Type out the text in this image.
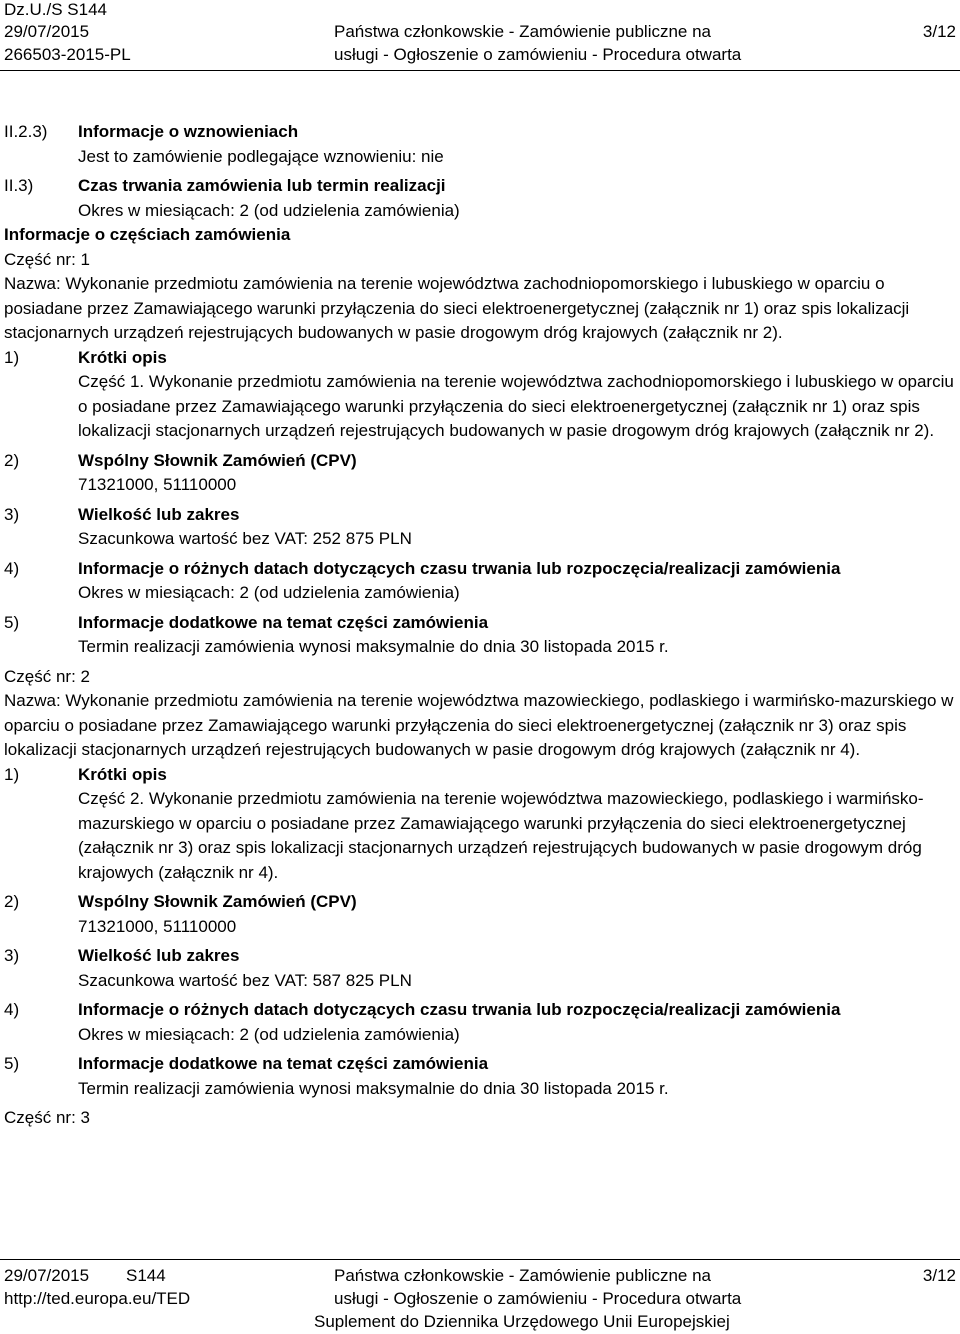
Dz.U./S S144
29/07/2015
266503-2015-PL
Państwa członkowskie - Zamówienie publiczne na
usługi - Ogłoszenie o zamówieniu - Procedura otwarta
3/12
II.2.3)	Informacje o wznowieniach
Jest to zamówienie podlegające wznowieniu: nie
II.3)	Czas trwania zamówienia lub termin realizacji
Okres w miesiącach: 2 (od udzielenia zamówienia)
Informacje o częściach zamówienia
Część nr: 1
Nazwa: Wykonanie przedmiotu zamówienia na terenie województwa zachodniopomorskiego i lubuskiego w oparciu o posiadane przez Zamawiającego warunki przyłączenia do sieci elektroenergetycznej (załącznik nr 1) oraz spis lokalizacji stacjonarnych urządzeń rejestrujących budowanych w pasie drogowym dróg krajowych (załącznik nr 2).
1)	Krótki opis
Część 1. Wykonanie przedmiotu zamówienia na terenie województwa zachodniopomorskiego i lubuskiego w oparciu o posiadane przez Zamawiającego warunki przyłączenia do sieci elektroenergetycznej (załącznik nr 1) oraz spis lokalizacji stacjonarnych urządzeń rejestrujących budowanych w pasie drogowym dróg krajowych (załącznik nr 2).
2)	Wspólny Słownik Zamówień (CPV)
71321000, 51110000
3)	Wielkość lub zakres
Szacunkowa wartość bez VAT: 252 875 PLN
4)	Informacje o różnych datach dotyczących czasu trwania lub rozpoczęcia/realizacji zamówienia
Okres w miesiącach: 2 (od udzielenia zamówienia)
5)	Informacje dodatkowe na temat części zamówienia
Termin realizacji zamówienia wynosi maksymalnie do dnia 30 listopada 2015 r.
Część nr: 2
Nazwa: Wykonanie przedmiotu zamówienia na terenie województwa mazowieckiego, podlaskiego i warmińsko-mazurskiego w oparciu o posiadane przez Zamawiającego warunki przyłączenia do sieci elektroenergetycznej (załącznik nr 3) oraz spis lokalizacji stacjonarnych urządzeń rejestrujących budowanych w pasie drogowym dróg krajowych (załącznik nr 4).
1)	Krótki opis
Część 2. Wykonanie przedmiotu zamówienia na terenie województwa mazowieckiego, podlaskiego i warmińsko-mazurskiego w oparciu o posiadane przez Zamawiającego warunki przyłączenia do sieci elektroenergetycznej (załącznik nr 3) oraz spis lokalizacji stacjonarnych urządzeń rejestrujących budowanych w pasie drogowym dróg krajowych (załącznik nr 4).
2)	Wspólny Słownik Zamówień (CPV)
71321000, 51110000
3)	Wielkość lub zakres
Szacunkowa wartość bez VAT: 587 825 PLN
4)	Informacje o różnych datach dotyczących czasu trwania lub rozpoczęcia/realizacji zamówienia
Okres w miesiącach: 2 (od udzielenia zamówienia)
5)	Informacje dodatkowe na temat części zamówienia
Termin realizacji zamówienia wynosi maksymalnie do dnia 30 listopada 2015 r.
Część nr: 3
29/07/2015 S144
http://ted.europa.eu/TED
Państwa członkowskie - Zamówienie publiczne na
usługi - Ogłoszenie o zamówieniu - Procedura otwarta
Suplement do Dziennika Urzędowego Unii Europejskiej
3/12
